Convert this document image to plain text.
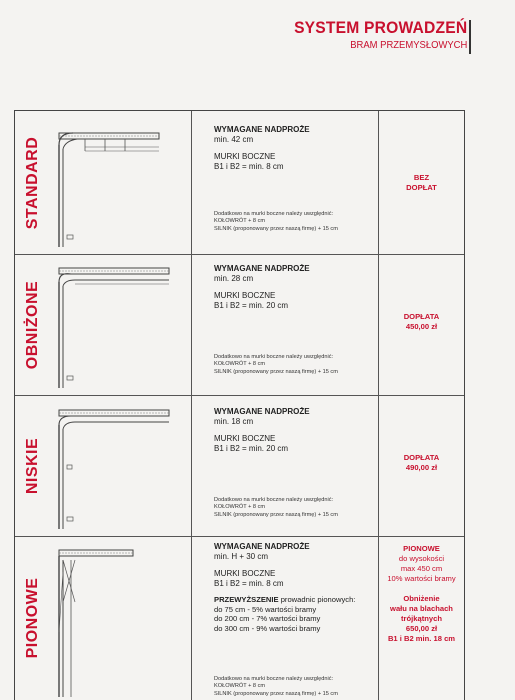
SYSTEM PROWADZEŃ
BRAM PRZEMYSŁOWYCH
STANDARD
WYMAGANE NADPROŻE
min. 42 cm
MURKI BOCZNE
B1 i B2 = min. 8 cm
Dodatkowo na murki boczne należy uwzględnić:
KOŁOWRÓT + 8 cm
SILNIK (proponowany przez naszą firmę) + 15 cm
BEZ
DOPŁAT
OBNIŻONE
WYMAGANE NADPROŻE
min. 28 cm
MURKI BOCZNE
B1 i B2 = min. 20 cm
Dodatkowo na murki boczne należy uwzględnić:
KOŁOWRÓT + 8 cm
SILNIK (proponowany przez naszą firmę) + 15 cm
DOPŁATA
450,00 zł
NISKIE
WYMAGANE NADPROŻE
min. 18 cm
MURKI BOCZNE
B1 i B2 = min. 20 cm
Dodatkowo na murki boczne należy uwzględnić:
KOŁOWRÓT + 8 cm
SILNIK (proponowany przez naszą firmę) + 15 cm
DOPŁATA
490,00 zł
PIONOWE
WYMAGANE NADPROŻE
min. H + 30 cm
MURKI BOCZNE
B1 i B2 = min. 8 cm
PRZEWYŻSZENIE prowadnic pionowych:
do 75 cm - 5% wartości bramy
do 200 cm - 7% wartości bramy
do 300 cm - 9% wartości bramy
Dodatkowo na murki boczne należy uwzględnić:
KOŁOWRÓT + 8 cm
SILNIK (proponowany przez naszą firmę) + 15 cm
PIONOWE
do wysokości
max 450 cm
10% wartości bramy
Obniżenie
wału na blachach
trójkątnych
650,00 zł
B1 i B2 min. 18 cm
